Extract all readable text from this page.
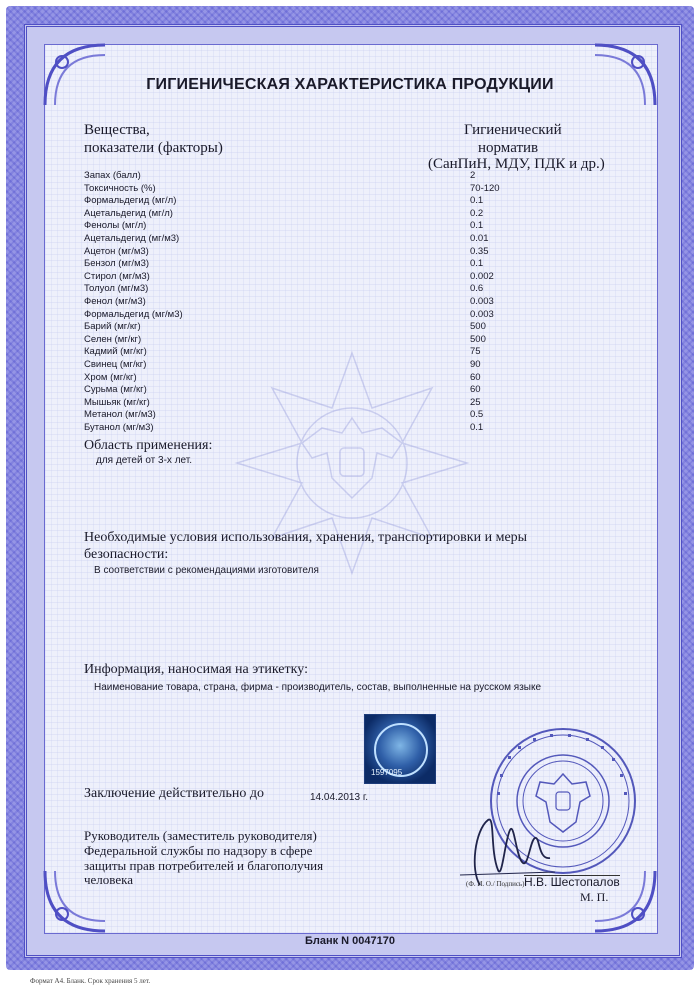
ГИГИЕНИЧЕСКАЯ ХАРАКТЕРИСТИКА ПРОДУКЦИИ
Вещества,
показатели (факторы)
Гигиенический
норматив
(СанПиН, МДУ, ПДК и др.)
Запах (балл)	2
Токсичность (%)	70-120
Формальдегид (мг/л)	0.1
Ацетальдегид (мг/л)	0.2
Фенолы (мг/л)	0.1
Ацетальдегид (мг/м3)	0.01
Ацетон (мг/м3)	0.35
Бензол (мг/м3)	0.1
Стирол (мг/м3)	0.002
Толуол (мг/м3)	0.6
Фенол (мг/м3)	0.003
Формальдегид (мг/м3)	0.003
Барий (мг/кг)	500
Селен (мг/кг)	500
Кадмий (мг/кг)	75
Свинец (мг/кг)	90
Хром (мг/кг)	60
Сурьма (мг/кг)	60
Мышьяк (мг/кг)	25
Метанол (мг/м3)	0.5
Бутанол (мг/м3)	0.1
Область применения:
для детей от 3-х лет.
Необходимые условия использования, хранения, транспортировки и меры
безопасности:
В соответствии с рекомендациями изготовителя
Информация, наносимая на этикетку:
Наименование товара, страна, фирма - производитель, состав, выполненные на русском языке
1597095
Заключение действительно до	14.04.2013 г.
Руководитель (заместитель руководителя)
Федеральной службы по надзору в сфере
защиты прав потребителей и благополучия
человека	Н.В. Шестопалов
(Ф. И. О./ Подпись)
М. П.
Бланк N 0047170
Формат А4. Бланк. Срок хранения 5 лет.
